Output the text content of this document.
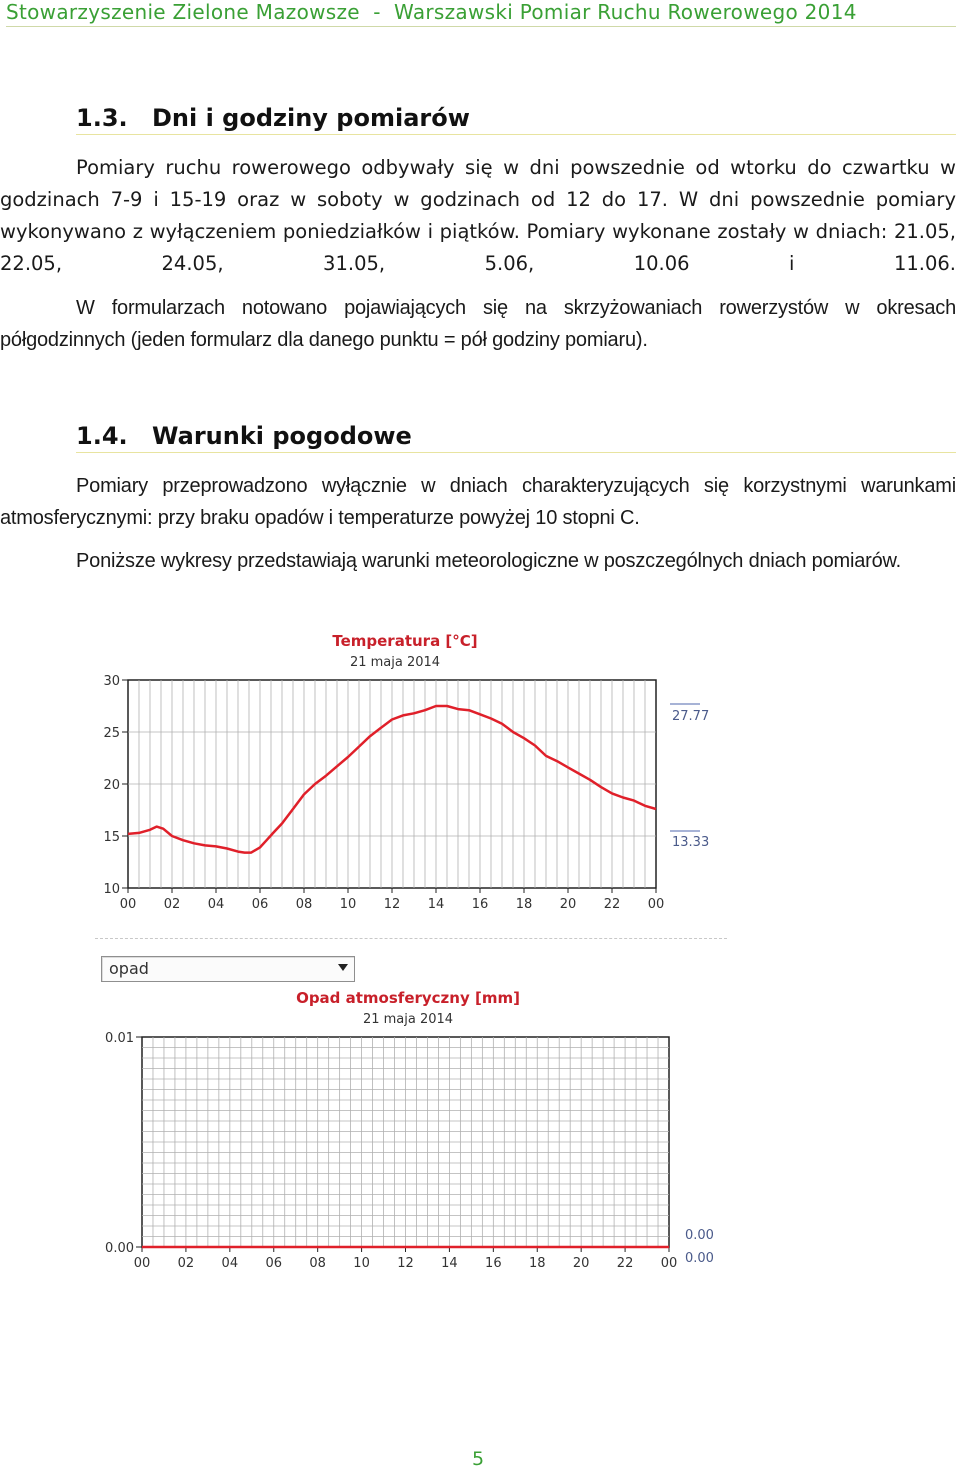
Stowarzyszenie Zielone Mazowsze  -  Warszawski Pomiar Ruchu Rowerowego 2014
1.3. Dni i godziny pomiarów
Pomiary ruchu rowerowego odbywały się w dni powszednie od wtorku do czwartku w godzinach 7-9 i 15-19 oraz w soboty w godzinach od 12 do 17. W dni powszednie pomiary wykonywano z wyłączeniem poniedziałków i piątków. Pomiary wykonane zostały w dniach: 21.05, 22.05, 24.05, 31.05, 5.06, 10.06 i 11.06.
W formularzach notowano pojawiających się na skrzyżowaniach rowerzystów w okresach półgodzinnych (jeden formularz dla danego punktu = pół godziny pomiaru).
1.4. Warunki pogodowe
Pomiary przeprowadzono wyłącznie w dniach charakteryzujących się korzystnymi warunkami atmosferycznymi: przy braku opadów i temperaturze powyżej 10 stopni C.
Poniższe wykresy przedstawiają warunki meteorologiczne w poszczególnych dniach pomiarów.
Temperatura [°C]
21 maja 2014
00 02 04 06 08 10 12 14 16 18 20 22 00
30
25
20
15
10
27.77
13.33
opad
Opad atmosferyczny [mm]
21 maja 2014
00 02 04 06 08 10 12 14 16 18 20 22 00
0.01
0.00
0.00
0.00
5
